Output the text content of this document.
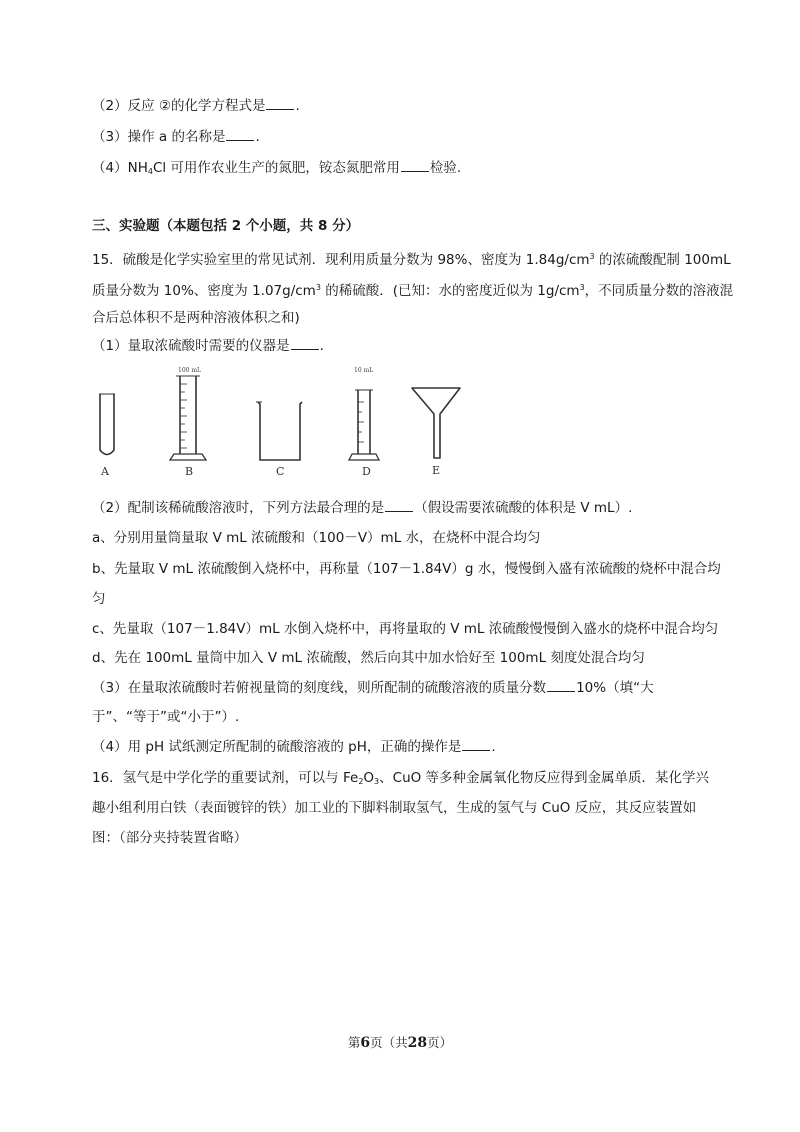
（2）反应 ②的化学方程式是 .
（3）操作 a 的名称是 .
$(4)NH_4Cl$ 可用作农业生产的氮肥，铵态氮肥常用 检验.
三、实验题（本题包括 2 个小题，共 8 分）
15．硫酸是化学实验室里的常见试剂．现利用质量分数为 98%、密度为 $1.84g/cm^3$ 的浓硫酸配制 100mL
质量分数为 10%、密度为 $1.07g/cm^3$ 的稀硫酸．(已知：水的密度近似为 $1g/cm^3$，不同质量分数的溶液混
合后总体积不是两种溶液体积之和)
（1）量取浓硫酸时需要的仪器是 .
A
100 mL
B	C
10 mL
D	E
（2）配制该稀硫酸溶液时，下列方法最合理的是 （假设需要浓硫酸的体积是 V mL）.
a、分别用量筒量取 V mL 浓硫酸和（100－V）mL 水，在烧杯中混合均匀
b、先量取 V mL 浓硫酸倒入烧杯中，再称量（107－1.84V）g 水，慢慢倒入盛有浓硫酸的烧杯中混合均
匀
c、先量取（107－1.84V）mL 水倒入烧杯中，再将量取的 V mL 浓硫酸慢慢倒入盛水的烧杯中混合均匀
d、先在 100mL 量筒中加入 V mL 浓硫酸，然后向其中加水恰好至 100mL 刻度处混合均匀
（3）在量取浓硫酸时若俯视量筒的刻度线，则所配制的硫酸溶液的质量分数 10%（填“大
于”、“等于”或“小于”）.
（4）用 pH 试纸测定所配制的硫酸溶液的 pH，正确的操作是 .
16．氢气是中学化学的重要试剂，可以与 $Fe_2O_3$、CuO 等多种金属氧化物反应得到金属单质．某化学兴
趣小组利用白铁（表面镀锌的铁）加工业的下脚料制取氢气，生成的氢气与 CuO 反应，其反应装置如
图：（部分夹持装置省略）
第6页（共28页）
